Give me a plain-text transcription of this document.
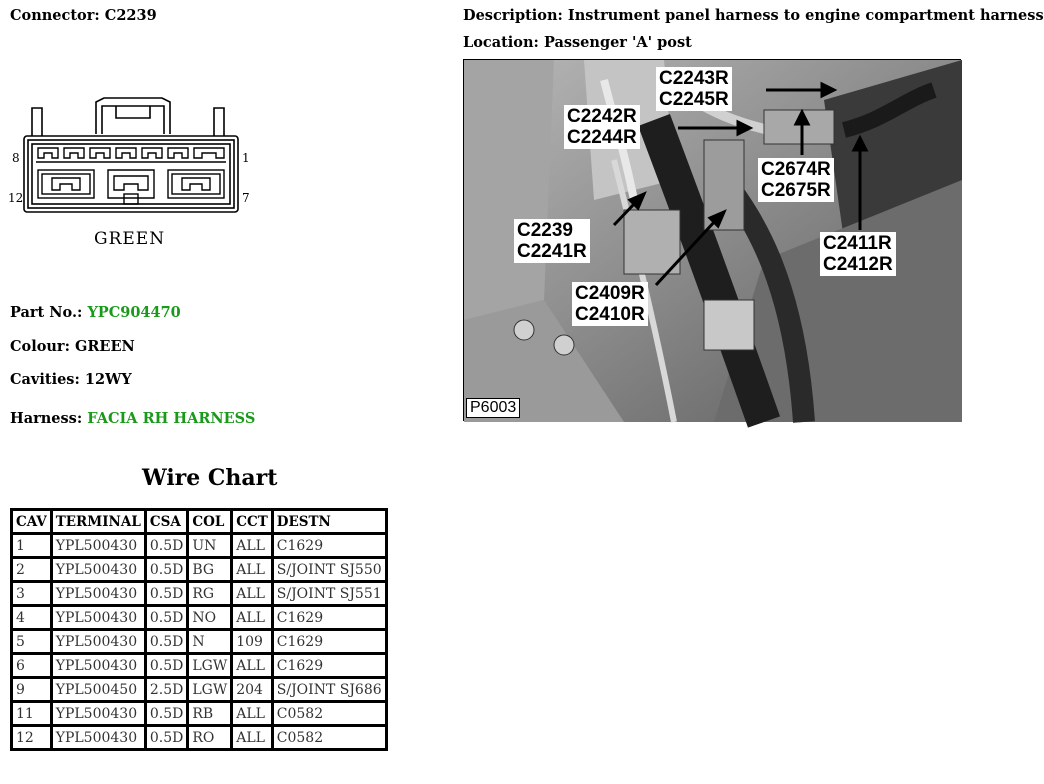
Connector: C2239	Description: Instrument panel harness to engine compartment harness
Location: Passenger 'A' post
8	1
12	7
GREEN
Part No.: YPC904470
Colour: GREEN
Cavities: 12WY
Harness: FACIA RH HARNESS
C2243R
C2245R
C2242R
C2244R
C2674R
C2675R
C2239
C2241R	C2411R
C2412R
C2409R
C2410R
P6003
Wire Chart
CAV	TERMINAL	CSA	COL	CCT	DESTN
1	YPL500430	0.5D	UN	ALL	C1629
2	YPL500430	0.5D	BG	ALL	S/JOINT SJ550
3	YPL500430	0.5D	RG	ALL	S/JOINT SJ551
4	YPL500430	0.5D	NO	ALL	C1629
5	YPL500430	0.5D	N	109	C1629
6	YPL500430	0.5D	LGW	ALL	C1629
9	YPL500450	2.5D	LGW	204	S/JOINT SJ686
11	YPL500430	0.5D	RB	ALL	C0582
12	YPL500430	0.5D	RO	ALL	C0582
